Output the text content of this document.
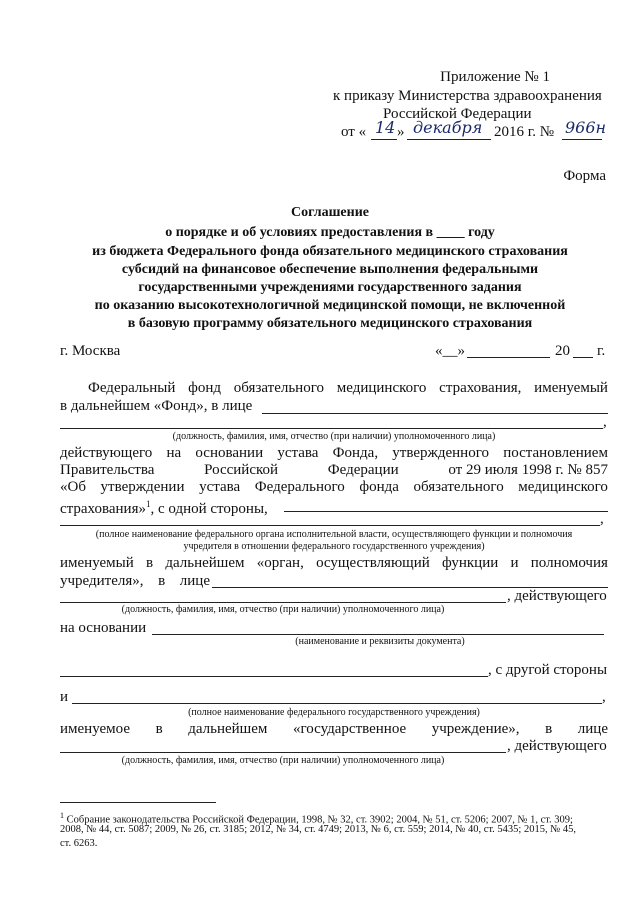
Приложение № 1
к приказу Министерства здравоохранения
Российской Федерации
от « 14 » декабря 2016 г. № 966н
Форма
Соглашение
о порядке и об условиях предоставления в ____ году
из бюджета Федерального фонда обязательного медицинского страхования
субсидий на финансовое обеспечение выполнения федеральными
государственными учреждениями государственного задания
по оказанию высокотехнологичной медицинской помощи, не включенной
в базовую программу обязательного медицинского страхования
г. Москва	«__»	20 г.
Федеральный фонд обязательного медицинского страхования, именуемый
в дальнейшем «Фонд», в лице
,
(должность, фамилия, имя, отчество (при наличии) уполномоченного лица)
действующего на основании устава Фонда, утвержденного постановлением
Правительства	Российской	Федерации	от 29 июля 1998 г. № 857
«Об утверждении устава Федерального фонда обязательного медицинского
страхования»$^1$, с одной стороны,
,
(полное наименование федерального органа исполнительной власти, осуществляющего функции и полномочия
учредителя в отношении федерального государственного учреждения)
именуемый в дальнейшем «орган, осуществляющий функции и полномочия
учредителя», в лице
, действующего
(должность, фамилия, имя, отчество (при наличии) уполномоченного лица)
на основании
(наименование и реквизиты документа)
, с другой стороны
и	,
(полное наименование федерального государственного учреждения)
именуемое в дальнейшем «государственное учреждение», в лице
, действующего
(должность, фамилия, имя, отчество (при наличии) уполномоченного лица)
$^1$ Собрание законодательства Российской Федерации, 1998, № 32, ст. 3902; 2004, № 51, ст. 5206; 2007, № 1, ст. 309;
2008, № 44, ст. 5087; 2009, № 26, ст. 3185; 2012, № 34, ст. 4749; 2013, № 6, ст. 559; 2014, № 40, ст. 5435; 2015, № 45,
ст. 6263.
